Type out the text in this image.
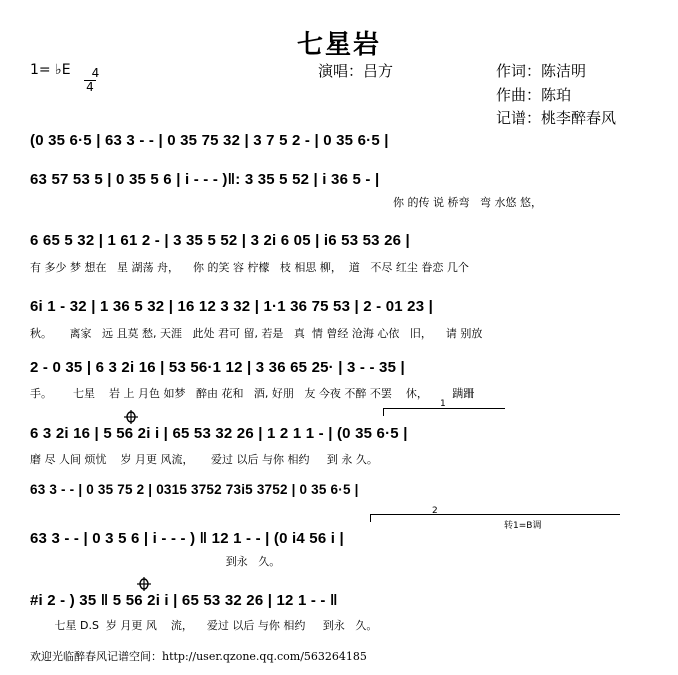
七星岩
演唱：吕方	作词：陈洁明
作曲：陈珀
记谱：桃李醉春风
1= ♭E	4
4

(0 35 6·5 | 63 3 - - | 0 35 75 32 | 3 7 5 2 - | 0 35 6·5 |
63 57 53 5 | 0 35 5 6 | i - - - )‖: 3 35 5 52 | i 36 5 - |
你 的传 说 桥弯   弯 水悠 悠，
6 65 5 32 | 1 61 2 - | 3 35 5 52 | 3 2i 6 05 | i6 53 53 26 |
有 多少 梦 想在   星 湖荡 舟，    你 的笑 容 柠檬   枝 相思 柳，  道   不尽 红尘 眷恋 几个
6i 1 - 32 | 1 36 5 32 | 16 12 3 32 | 1·1 36 75 53 | 2 - 01 23 |
秋。     离家   远 且莫 愁, 天涯   此处 君可 留, 若是   真  情 曾经 沧海 心依   旧，    请 别放
2 - 0 35 | 6 3 2i 16 | 53 56·1 12 | 3 36 65 25· | 3 - - 35 |
手。      七星    岩 上 月色 如梦   醉由 花和   酒, 好朋   友 今夜 不醉 不罢    休，       蹒跚
1
6 3 2i 16 | 5 56 2i i | 65 53 32 26 | 1 2 1 1 - | (0 35 6·5 |
磨 尽 人间 烦忧    岁 月更 风流，     爱过 以后 与你 相约     到 永 久。
63 3 - - | 0 35 75 2 | 0315 3752 73i5 3752 | 0 35 6·5 |
2
转1=B调
63 3 - - | 0 3 5 6 | i - - - ) ‖ 12 1 - - | (0 i4 56 i |
到永   久。
#i 2 - ) 35 ‖ 5 56 2i i | 65 53 32 26 | 12 1 - - ‖
七星 D.S  岁 月更 风    流，    爱过 以后 与你 相约     到永   久。
欢迎光临醉春风记谱空间：http://user.qzone.qq.com/563264185
